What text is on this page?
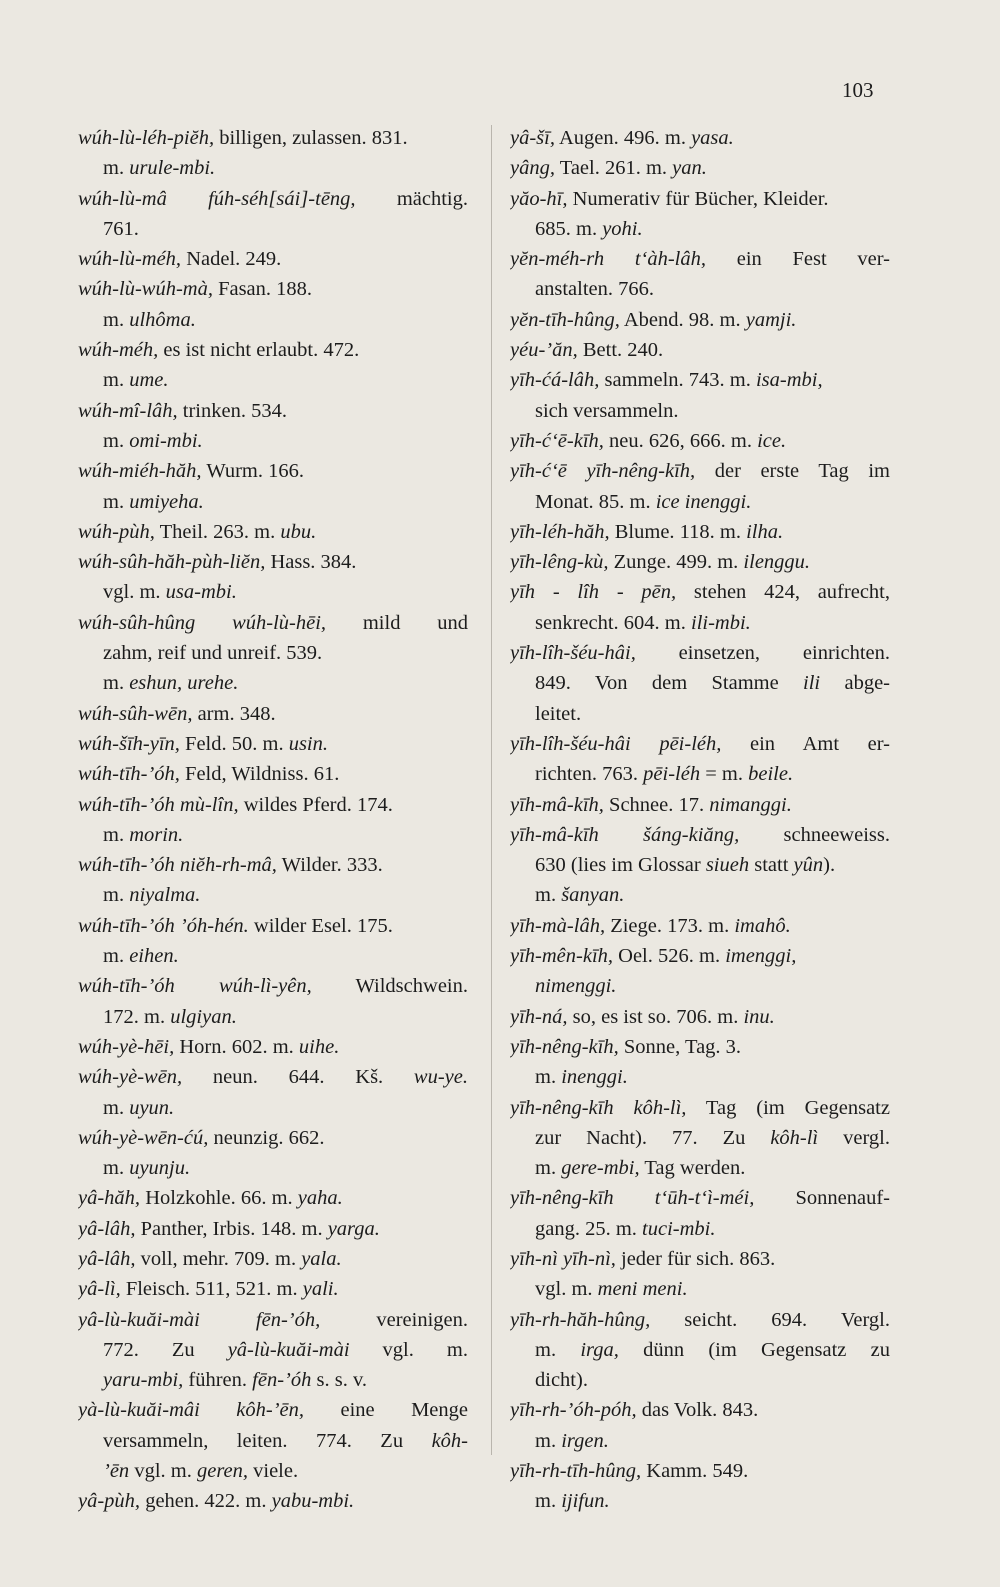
103
wúh-lù-léh-piĕh, billigen, zulassen. 831.
m. urule-mbi.
wúh-lù-mâ fúh-séh[sái]-tēng, mächtig.
761.
wúh-lù-méh, Nadel. 249.
wúh-lù-wúh-mà, Fasan. 188.
m. ulhôma.
wúh-méh, es ist nicht erlaubt. 472.
m. ume.
wúh-mî-lâh, trinken. 534.
m. omi-mbi.
wúh-miéh-hăh, Wurm. 166.
m. umiyeha.
wúh-pùh, Theil. 263. m. ubu.
wúh-sûh-hăh-pùh-liĕn, Hass. 384.
vgl. m. usa-mbi.
wúh-sûh-hûng wúh-lù-hēi, mild und
zahm, reif und unreif. 539.
m. eshun, urehe.
wúh-sûh-wēn, arm. 348.
wúh-šīh-yīn, Feld. 50. m. usin.
wúh-tīh-’óh, Feld, Wildniss. 61.
wúh-tīh-’óh mù-lîn, wildes Pferd. 174.
m. morin.
wúh-tīh-’óh niĕh-rh-mâ, Wilder. 333.
m. niyalma.
wúh-tīh-’óh ’óh-hén. wilder Esel. 175.
m. eihen.
wúh-tīh-’óh wúh-lì-yên, Wildschwein.
172. m. ulgiyan.
wúh-yè-hēi, Horn. 602. m. uihe.
wúh-yè-wēn, neun. 644. Kš. wu-ye.
m. uyun.
wúh-yè-wēn-ćú, neunzig. 662.
m. uyunju.
yâ-hăh, Holzkohle. 66. m. yaha.
yâ-lâh, Panther, Irbis. 148. m. yarga.
yâ-lâh, voll, mehr. 709. m. yala.
yâ-lì, Fleisch. 511, 521. m. yali.
yâ-lù-kuăi-mài fēn-’óh, vereinigen.
772. Zu yâ-lù-kuăi-mài vgl. m.
yaru-mbi, führen. fēn-’óh s. s. v.
yà-lù-kuăi-mâi kôh-’ēn, eine Menge
versammeln, leiten. 774. Zu kôh-
’ēn vgl. m. geren, viele.
yâ-pùh, gehen. 422. m. yabu-mbi.
yâ-šī, Augen. 496. m. yasa.
yâng, Tael. 261. m. yan.
yăo-hī, Numerativ für Bücher, Kleider.
685. m. yohi.
yĕn-méh-rh t‘àh-lâh, ein Fest ver-
anstalten. 766.
yĕn-tīh-hûng, Abend. 98. m. yamji.
yéu-’ăn, Bett. 240.
yīh-ćá-lâh, sammeln. 743. m. isa-mbi,
sich versammeln.
yīh-ć‘ē-kīh, neu. 626, 666. m. ice.
yīh-ć‘ē yīh-nêng-kīh, der erste Tag im
Monat. 85. m. ice inenggi.
yīh-léh-hăh, Blume. 118. m. ilha.
yīh-lêng-kù, Zunge. 499. m. ilenggu.
yīh - lîh - pēn, stehen 424, aufrecht,
senkrecht. 604. m. ili-mbi.
yīh-lîh-šéu-hâi, einsetzen, einrichten.
849. Von dem Stamme ili abge-
leitet.
yīh-lîh-šéu-hâi pēi-léh, ein Amt er-
richten. 763. pēi-léh = m. beile.
yīh-mâ-kīh, Schnee. 17. nimanggi.
yīh-mâ-kīh šáng-kiăng, schneeweiss.
630 (lies im Glossar siueh statt yûn).
m. šanyan.
yīh-mà-lâh, Ziege. 173. m. imahô.
yīh-mên-kīh, Oel. 526. m. imenggi,
nimenggi.
yīh-ná, so, es ist so. 706. m. inu.
yīh-nêng-kīh, Sonne, Tag. 3.
m. inenggi.
yīh-nêng-kīh kôh-lì, Tag (im Gegensatz
zur Nacht). 77. Zu kôh-lì vergl.
m. gere-mbi, Tag werden.
yīh-nêng-kīh t‘ūh-t‘ì-méi, Sonnenauf-
gang. 25. m. tuci-mbi.
yīh-nì yīh-nì, jeder für sich. 863.
vgl. m. meni meni.
yīh-rh-hăh-hûng, seicht. 694. Vergl.
m. irga, dünn (im Gegensatz zu
dicht).
yīh-rh-’óh-póh, das Volk. 843.
m. irgen.
yīh-rh-tīh-hûng, Kamm. 549.
m. ijifun.
